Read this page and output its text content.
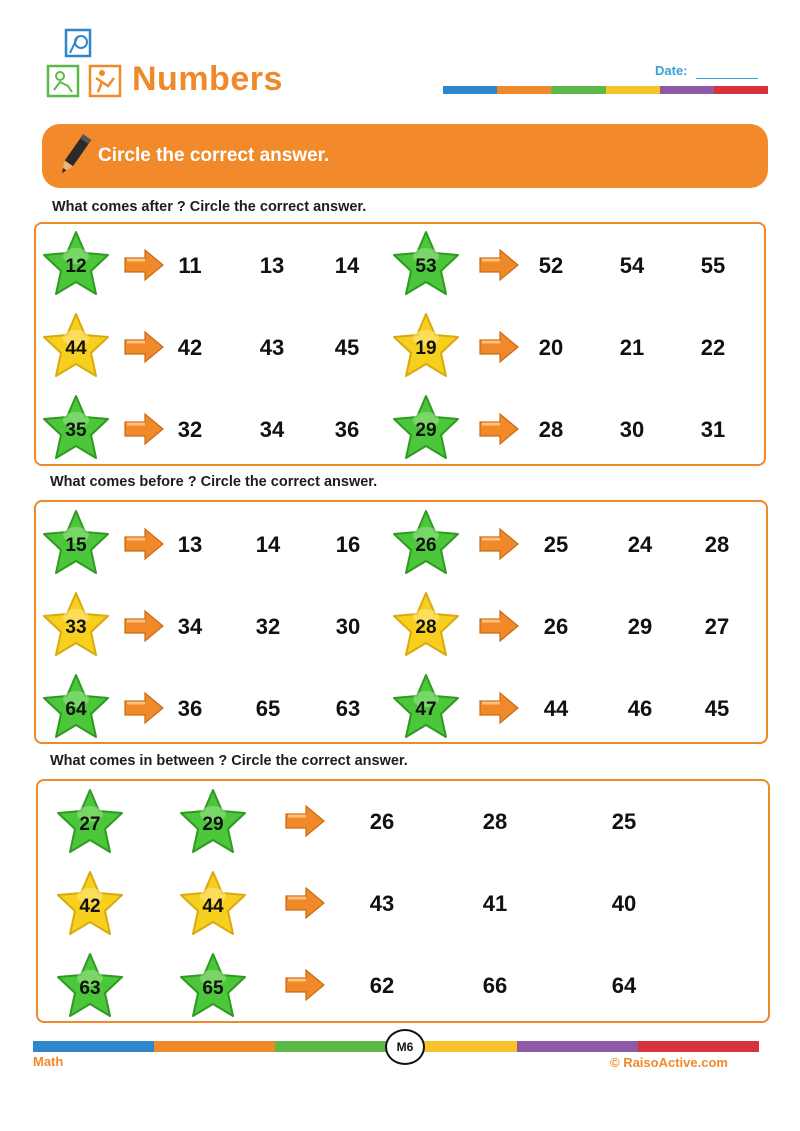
Numbers	Date:
Circle the correct answer.
What comes after ? Circle the correct answer.
What comes before ? Circle the correct answer.
What comes in between ? Circle the correct answer.
12	11	13	14	53	52	54	55
44	42	43	45	19	20	21	22
35	32	34	36	29	28	30	31
15	13	14	16	26	25	24	28
33	34	32	30	28	26	29	27
64	36	65	63	47	44	46	45
27	29	26	28	25
42	44	43	41	40
63	65	62	66	64
Math
M6
© RaisoActive.com
